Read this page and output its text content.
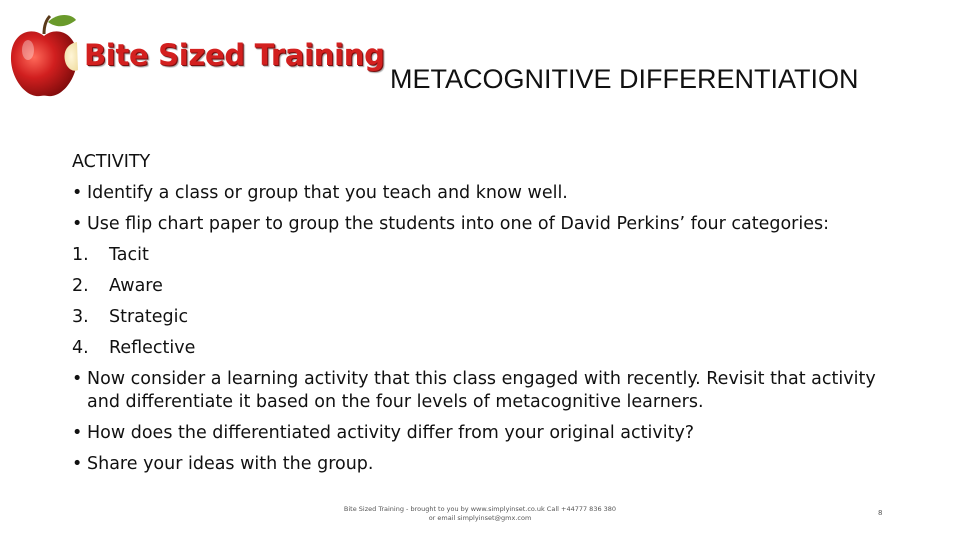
Bite Sized Training
METACOGNITIVE DIFFERENTIATION
ACTIVITY
• Identify a class or group that you teach and know well.
• Use flip chart paper to group the students into one of David Perkins’ four categories:
1.	Tacit
2.	Aware
3.	Strategic
4.	Reflective
• Now consider a learning activity that this class engaged with recently. Revisit that activity and differentiate it based on the four levels of metacognitive learners.
• How does the differentiated activity differ from your original activity?
• Share your ideas with the group.
Bite Sized Training - brought to you by www.simplyinset.co.uk Call +44777 836 380
or email simplyinset@gmx.com
8
